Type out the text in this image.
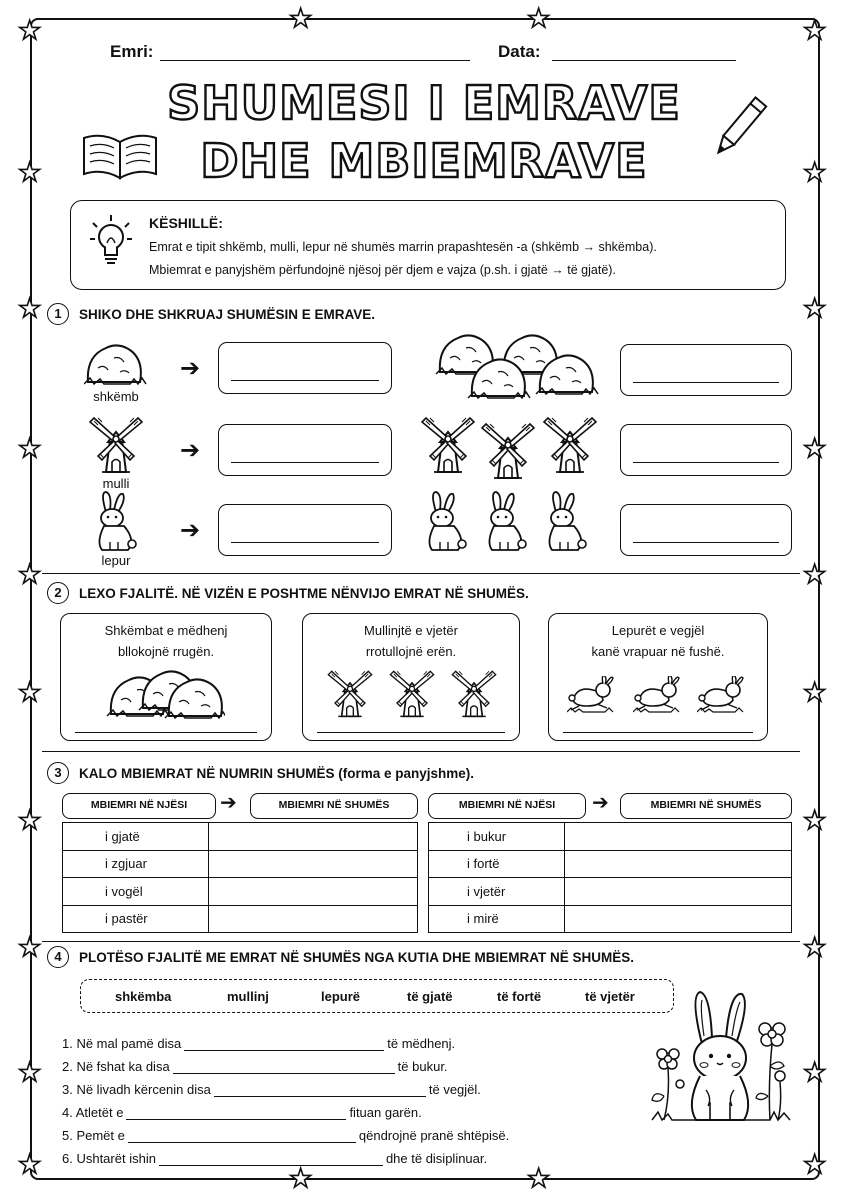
★	★
★	★
★	★
★	★
★
★
★
★
★
★
★
★
★
★
★
★
★
★
★
★
Emri:	Data:
SHUMESI I EMRAVE
DHE MBIEMRAVE
KËSHILLË:
Emrat e tipit shkëmb, mulli, lepur në shumës marrin prapashtesën -a (shkëmb → shkëmba).
Mbiemrat e panyjshëm përfundojnë njësoj për djem e vajza (p.sh. i gjatë → të gjatë).
1	SHIKO DHE SHKRUAJ SHUMËSIN E EMRAVE.
shkëmb
➔
mulli
➔
lepur
➔
2	LEXO FJALITË. NË VIZËN E POSHTME NËNVIJO EMRAT NË SHUMËS.
Shkëmbat e mëdhenj
bllokojnë rrugën.
Mullinjtë e vjetër
rrotullojnë erën.
Lepurët e vegjël
kanë vrapuar në fushë.
3	KALO MBIEMRAT NË NUMRIN SHUMËS (forma e panyjshme).
MBIEMRI NË NJËSI	➔	MBIEMRI NË SHUMËS	MBIEMRI NË NJËSI	➔	MBIEMRI NË SHUMËS
i gjatë	
i zgjuar	
i vogël	
i pastër	
i bukur	
i fortë	
i vjetër	
i mirë	
4	PLOTËSO FJALITË ME EMRAT NË SHUMËS NGA KUTIA DHE MBIEMRAT NË SHUMËS.
shkëmba	mullinj	lepurë	të gjatë	të fortë	të vjetër
1. Në mal pamë disa	të mëdhenj.
2. Në fshat ka disa	të bukur.
3. Në livadh kërcenin disa	të vegjël.
4. Atletët e	fituan garën.
5. Pemët e	qëndrojnë pranë shtëpisë.
6. Ushtarët ishin	dhe të disiplinuar.
